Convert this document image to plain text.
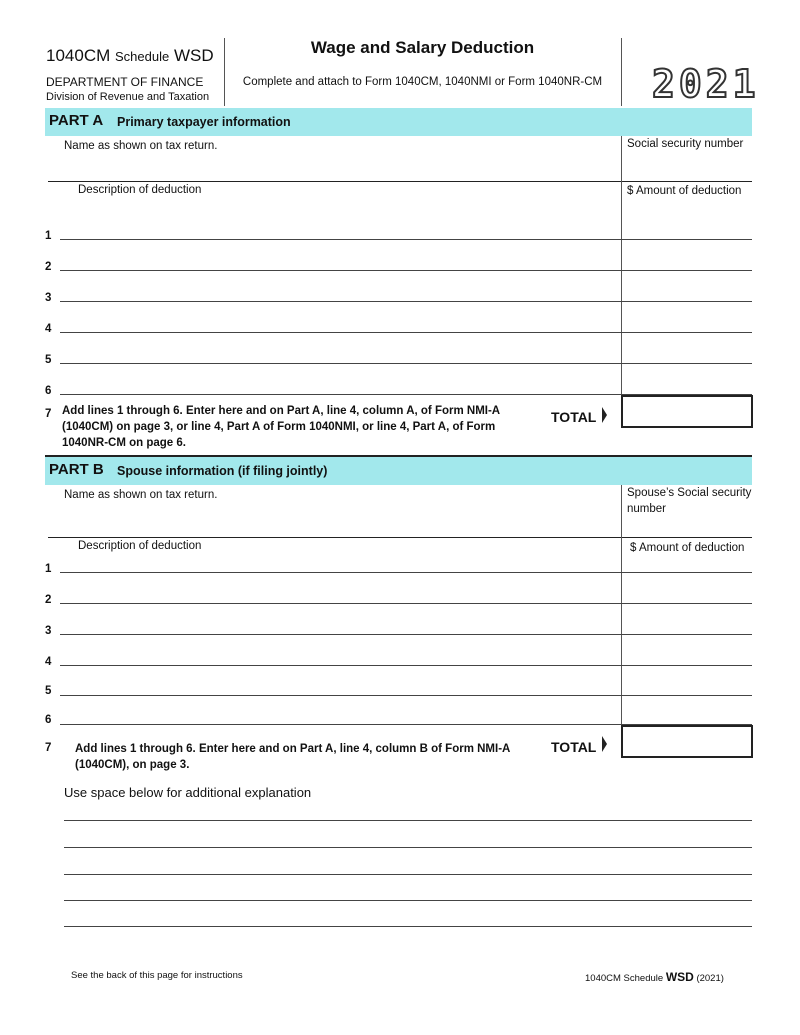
1040CM Schedule WSD
DEPARTMENT OF FINANCE
Division of Revenue and Taxation
Wage and Salary Deduction
Complete and attach to Form 1040CM, 1040NMI or Form 1040NR-CM	2021
PART A Primary taxpayer information
Name as shown on tax return.	Social security number
Description of deduction	$ Amount of deduction
1
2
3
4
5
6
7 Add lines 1 through 6. Enter here and on Part A, line 4, column A, of Form NMI-A
(1040CM) on page 3, or line 4, Part A of Form 1040NMI, or line 4, Part A, of Form
1040NR-CM on page 6.
TOTAL
PART B Spouse information (if filing jointly)
Name as shown on tax return.	Spouse’s Social security
number
Description of deduction	$ Amount of deduction
1
2
3
4
5
6
7 Add lines 1 through 6. Enter here and on Part A, line 4, column B of Form NMI-A
(1040CM), on page 3.
TOTAL
Use space below for additional explanation
See the back of this page for instructions	1040CM Schedule WSD (2021)
